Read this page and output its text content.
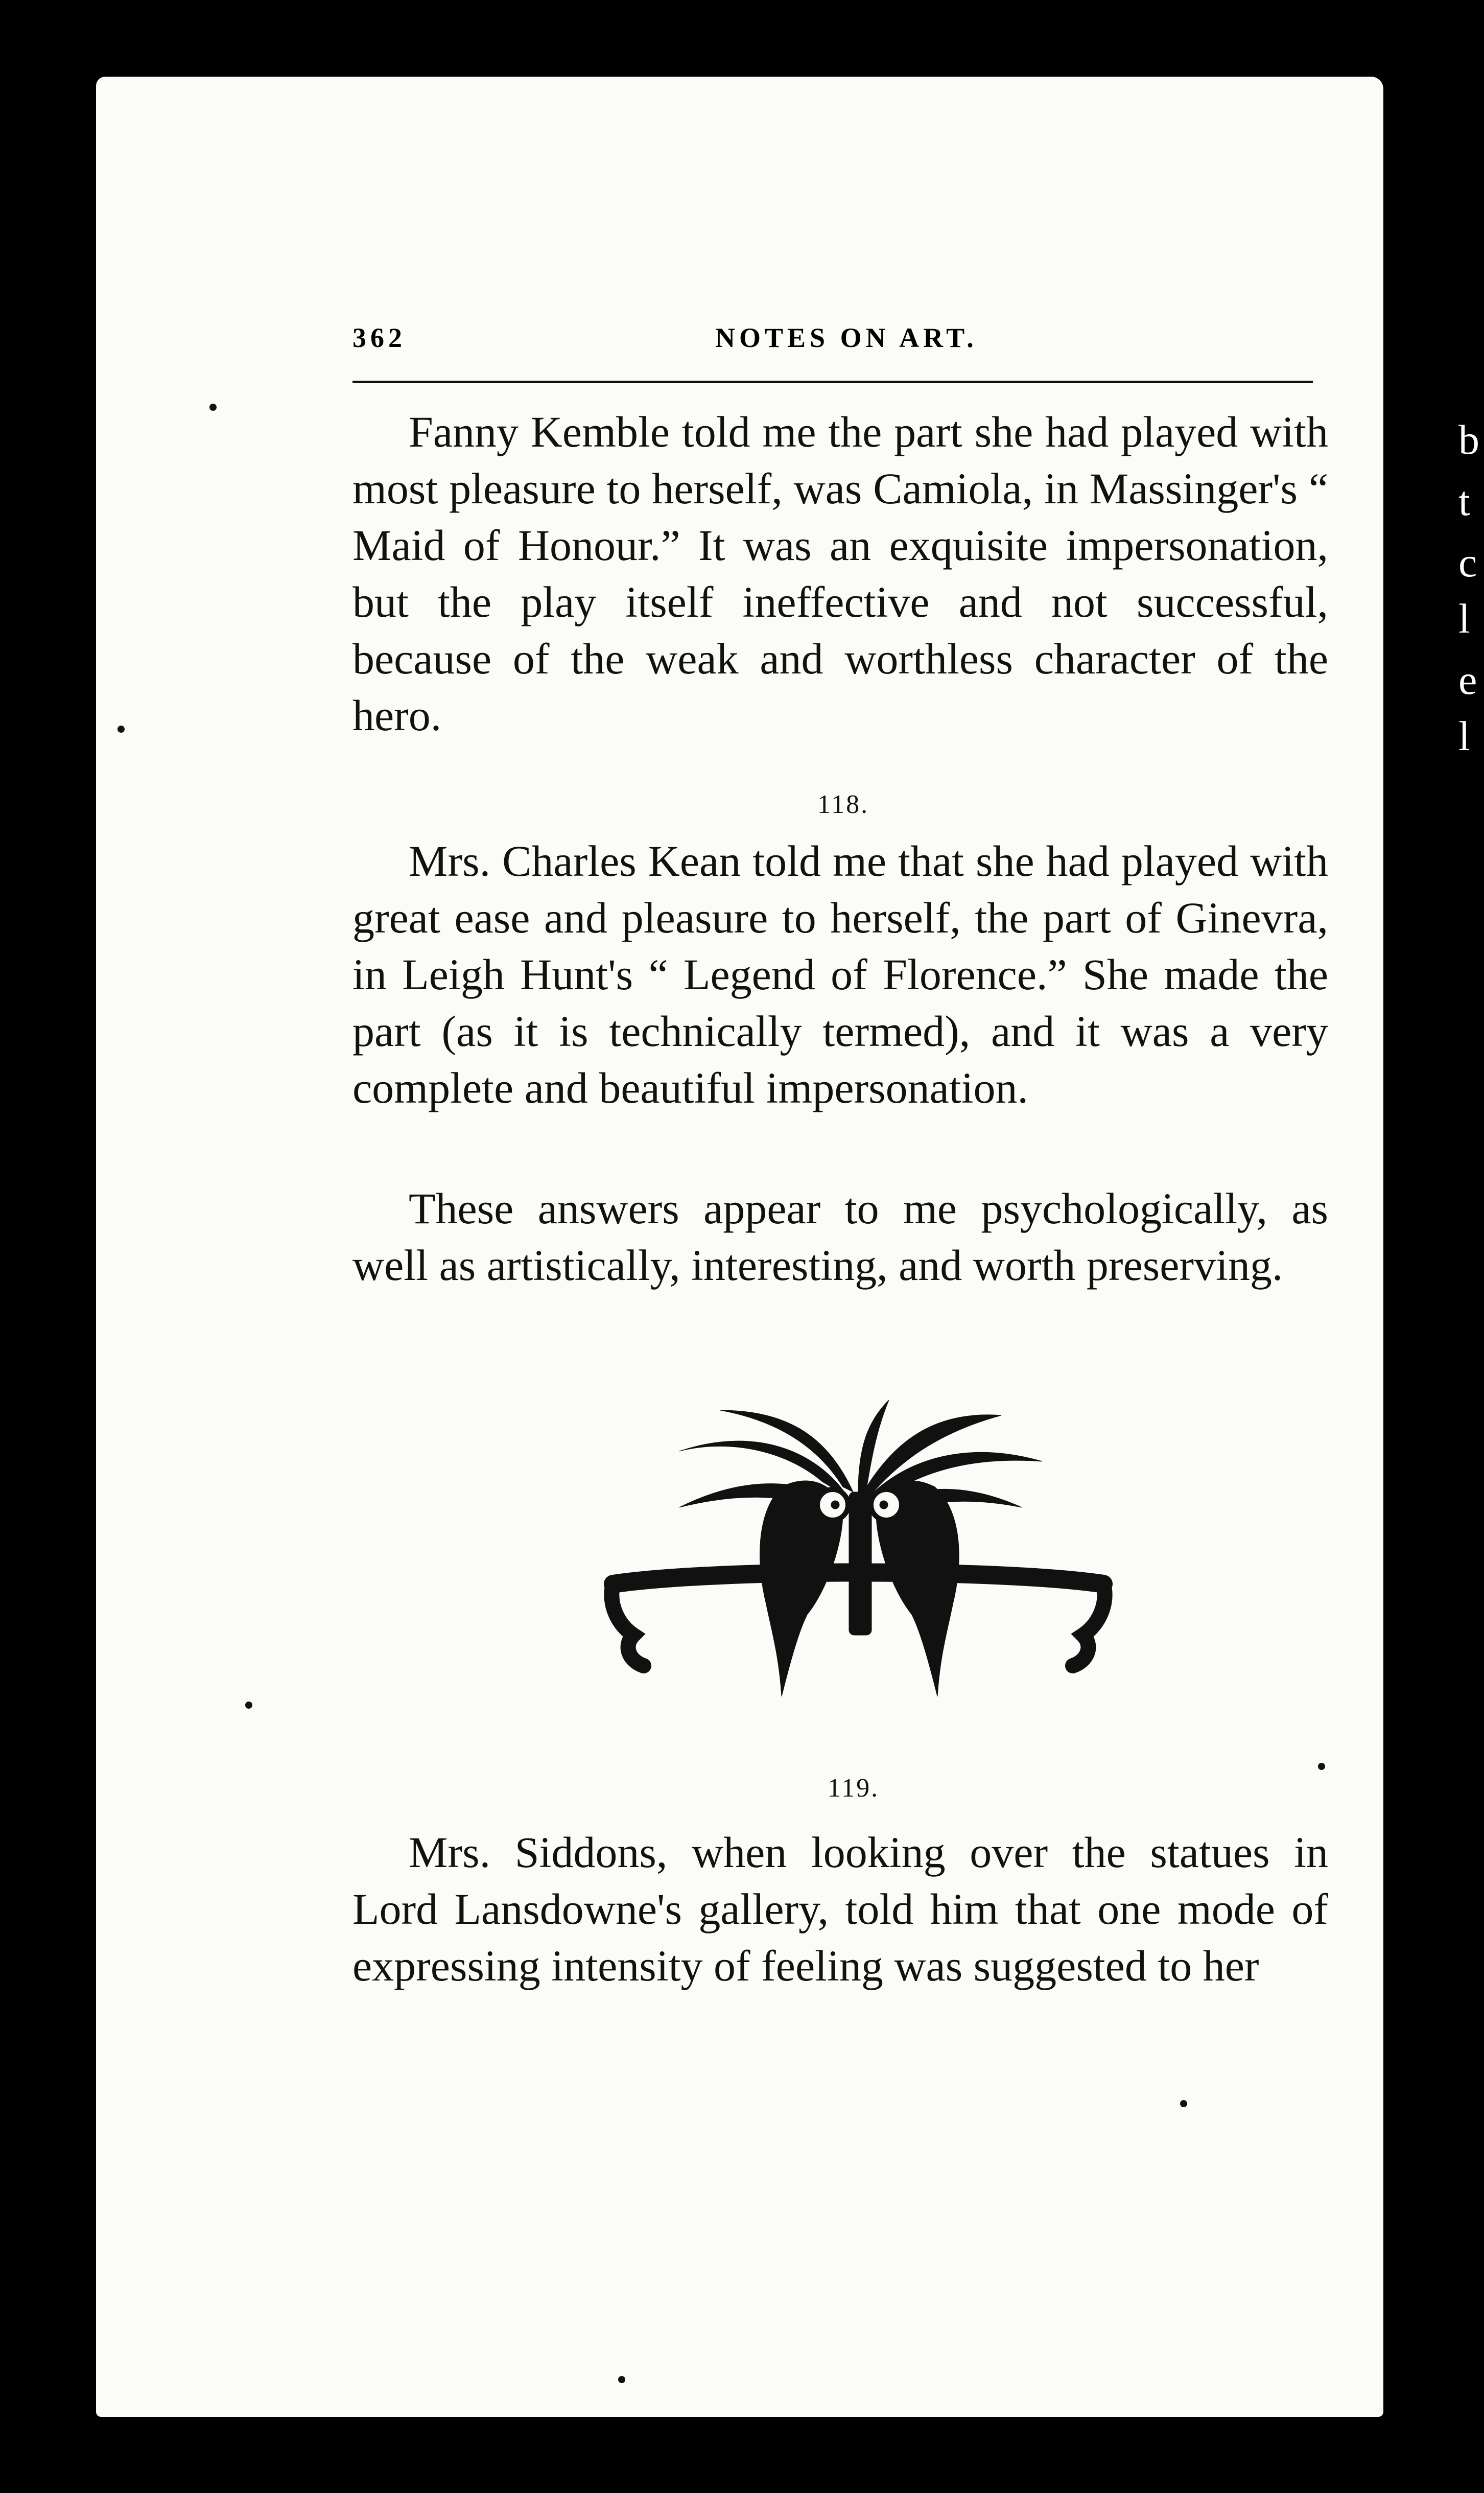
b
t
c
l
e
l
362	NOTES ON ART.
Fanny Kemble told me the part she had played with most pleasure to herself, was Camiola, in Massinger's “ Maid of Honour.” It was an exquisite impersonation, but the play itself ineffective and not successful, because of the weak and worthless character of the hero.
118.
Mrs. Charles Kean told me that she had played with great ease and pleasure to herself, the part of Ginevra, in Leigh Hunt's “ Legend of Florence.” She made the part (as it is technically termed), and it was a very complete and beautiful impersonation.
These answers appear to me psychologically, as well as artistically, interesting, and worth preserving.
119.
Mrs. Siddons, when looking over the statues in Lord Lansdowne's gallery, told him that one mode of expressing intensity of feeling was suggested to her
